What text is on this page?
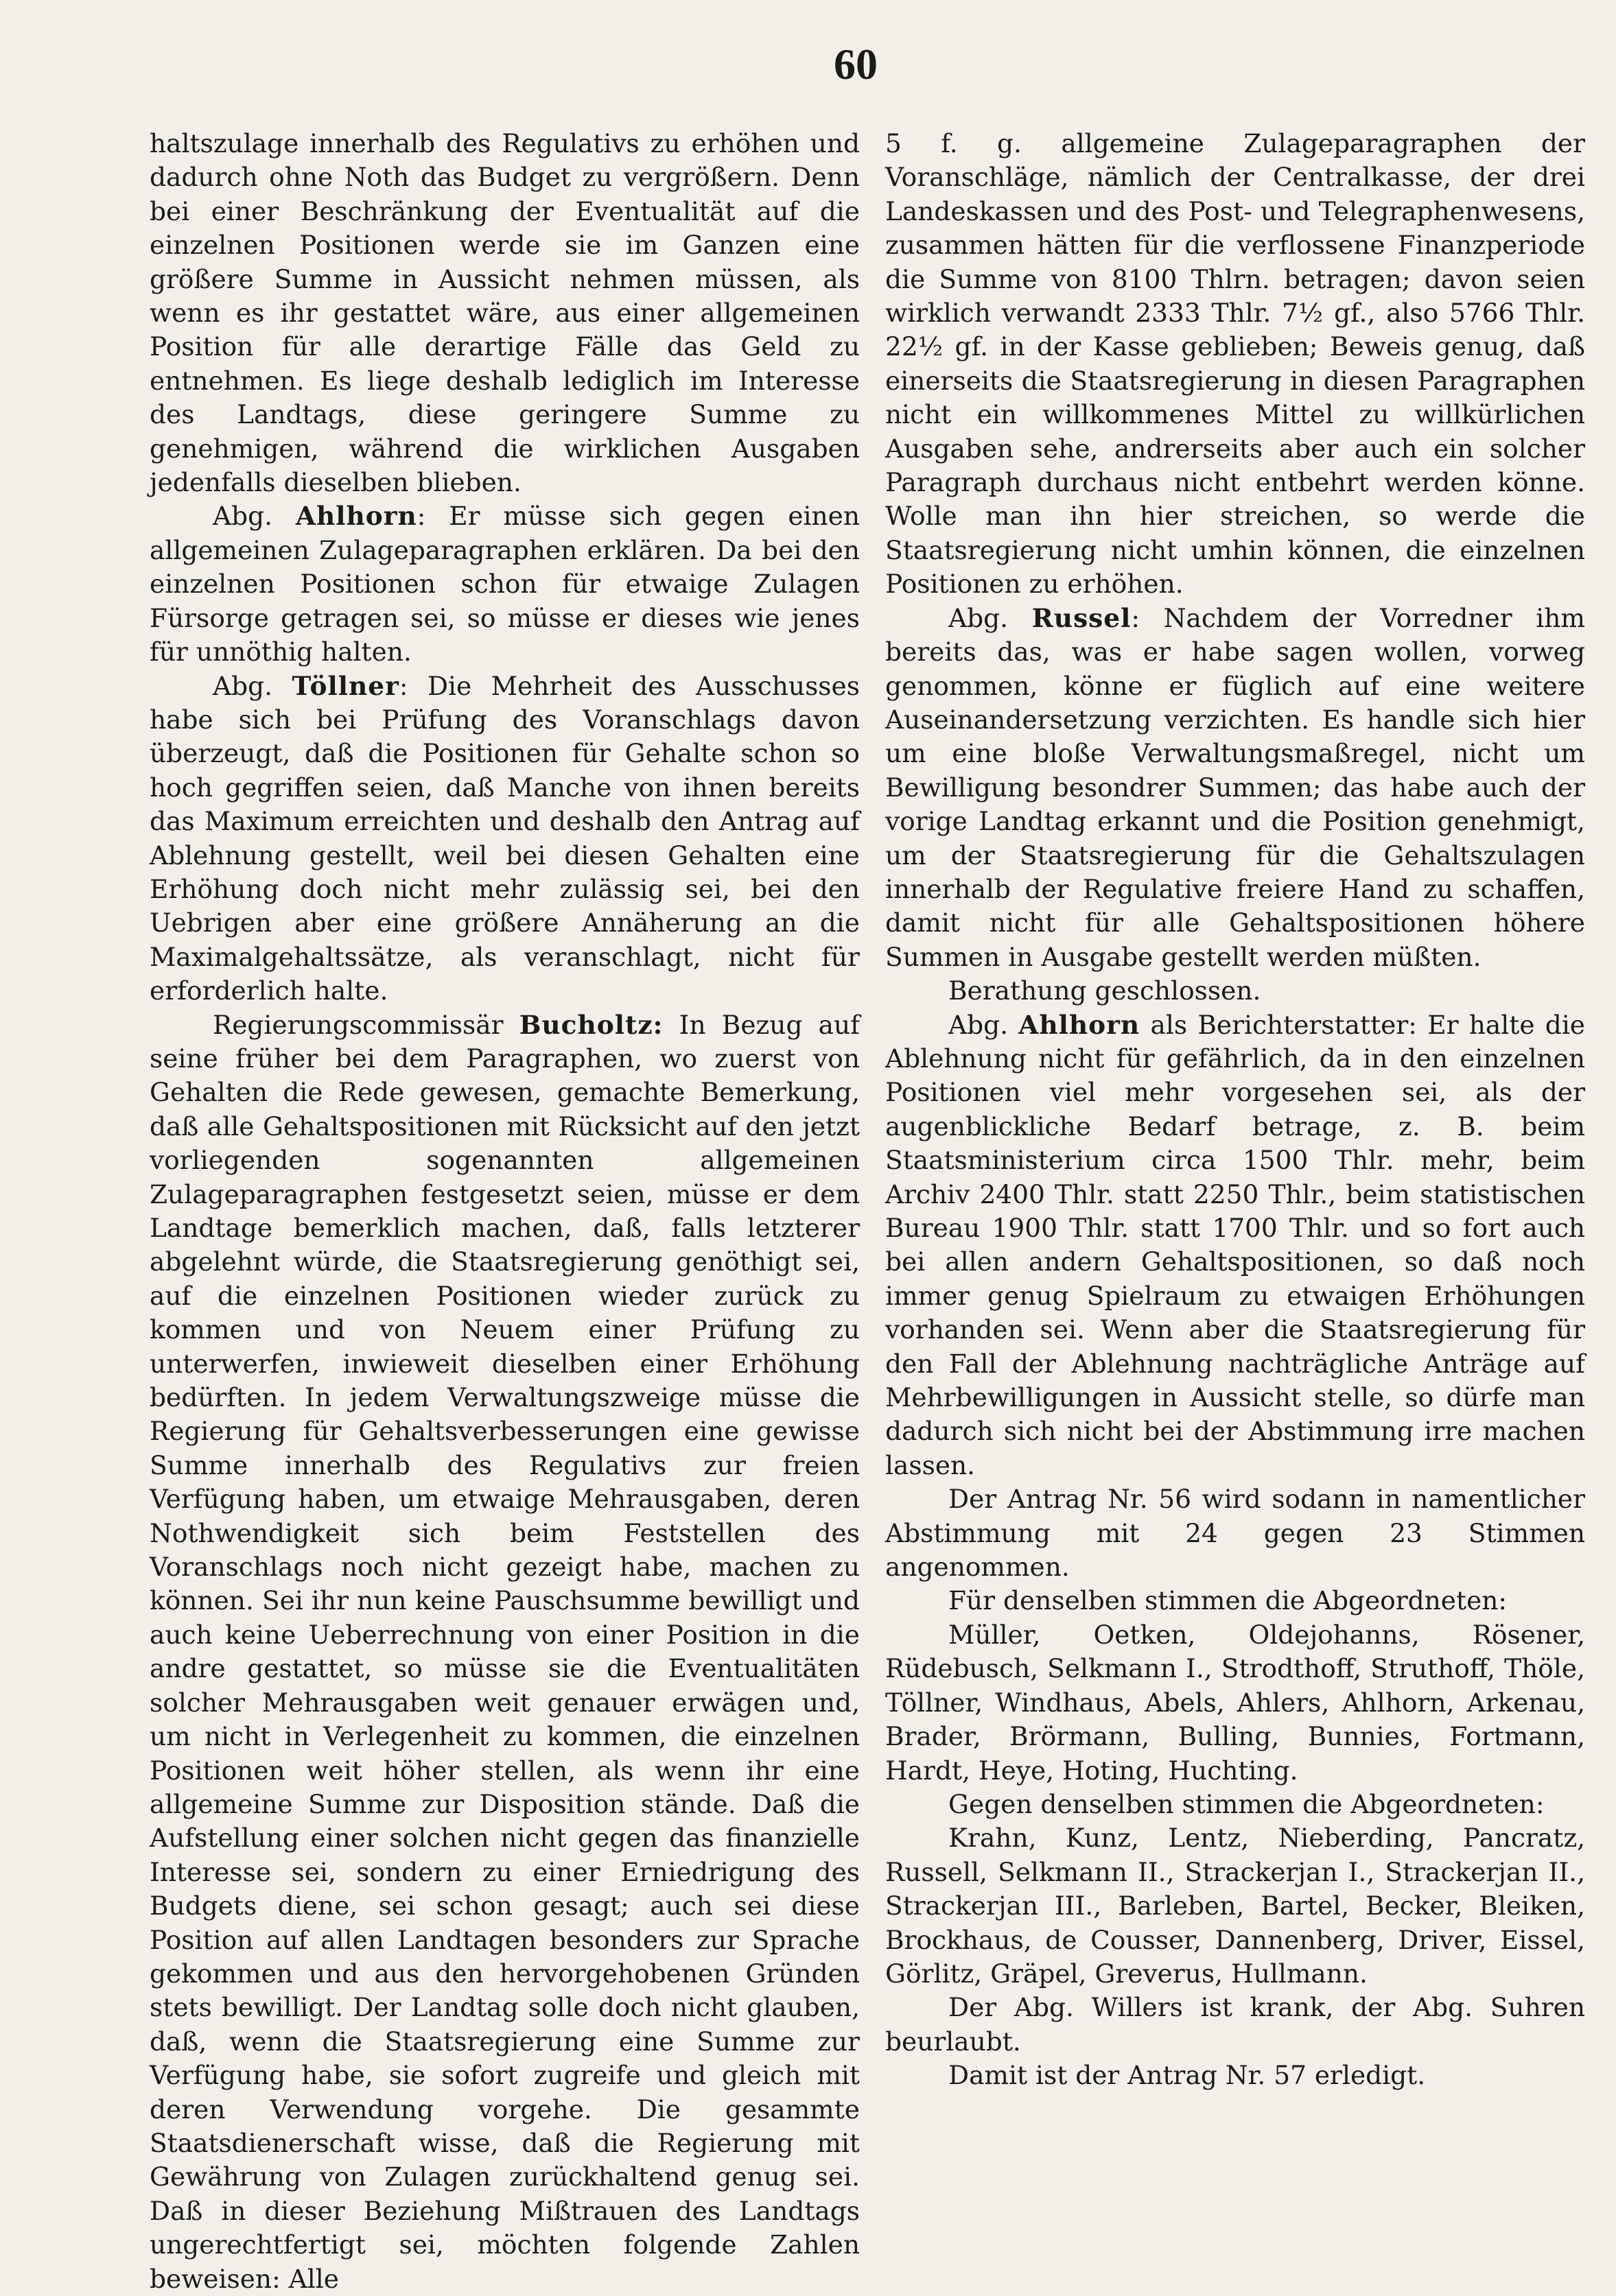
60

haltszulage innerhalb des Regulativs zu erhöhen und dadurch ohne Noth das Budget zu vergrößern. Denn bei einer Beschränkung der Eventualität auf die einzelnen Positionen werde sie im Ganzen eine größere Summe in Aussicht nehmen müssen, als wenn es ihr gestattet wäre, aus einer allgemeinen Position für alle derartige Fälle das Geld zu entnehmen. Es liege deshalb lediglich im Interesse des Landtags, diese geringere Summe zu genehmigen, während die wirklichen Ausgaben jedenfalls dieselben blieben.

Abg. Ahlhorn: Er müsse sich gegen einen allgemeinen Zulageparagraphen erklären. Da bei den einzelnen Positionen schon für etwaige Zulagen Fürsorge getragen sei, so müsse er dieses wie jenes für unnöthig halten.

Abg. Töllner: Die Mehrheit des Ausschusses habe sich bei Prüfung des Voranschlags davon überzeugt, daß die Positionen für Gehalte schon so hoch gegriffen seien, daß Manche von ihnen bereits das Maximum erreichten und deshalb den Antrag auf Ablehnung gestellt, weil bei diesen Gehalten eine Erhöhung doch nicht mehr zulässig sei, bei den Uebrigen aber eine größere Annäherung an die Maximalgehaltssätze, als veranschlagt, nicht für erforderlich halte.

Regierungscommissär Bucholtz: In Bezug auf seine früher bei dem Paragraphen, wo zuerst von Gehalten die Rede gewesen, gemachte Bemerkung, daß alle Gehaltspositionen mit Rücksicht auf den jetzt vorliegenden sogenannten allgemeinen Zulageparagraphen festgesetzt seien, müsse er dem Landtage bemerklich machen, daß, falls letzterer abgelehnt würde, die Staatsregierung genöthigt sei, auf die einzelnen Positionen wieder zurück zu kommen und von Neuem einer Prüfung zu unterwerfen, inwieweit dieselben einer Erhöhung bedürften. In jedem Verwaltungszweige müsse die Regierung für Gehaltsverbesserungen eine gewisse Summe innerhalb des Regulativs zur freien Verfügung haben, um etwaige Mehrausgaben, deren Nothwendigkeit sich beim Feststellen des Voranschlags noch nicht gezeigt habe, machen zu können. Sei ihr nun keine Pauschsumme bewilligt und auch keine Ueberrechnung von einer Position in die andre gestattet, so müsse sie die Eventualitäten solcher Mehrausgaben weit genauer erwägen und, um nicht in Verlegenheit zu kommen, die einzelnen Positionen weit höher stellen, als wenn ihr eine allgemeine Summe zur Disposition stände. Daß die Aufstellung einer solchen nicht gegen das finanzielle Interesse sei, sondern zu einer Erniedrigung des Budgets diene, sei schon gesagt; auch sei diese Position auf allen Landtagen besonders zur Sprache gekommen und aus den hervorgehobenen Gründen stets bewilligt. Der Landtag solle doch nicht glauben, daß, wenn die Staatsregierung eine Summe zur Verfügung habe, sie sofort zugreife und gleich mit deren Verwendung vorgehe. Die gesammte Staatsdienerschaft wisse, daß die Regierung mit Gewährung von Zulagen zurückhaltend genug sei. Daß in dieser Beziehung Mißtrauen des Landtags ungerechtfertigt sei, möchten folgende Zahlen beweisen: Alle

5 f. g. allgemeine Zulageparagraphen der Voranschläge, nämlich der Centralkasse, der drei Landeskassen und des Post- und Telegraphenwesens, zusammen hätten für die verflossene Finanzperiode die Summe von 8100 Thlrn. betragen; davon seien wirklich verwandt 2333 Thlr. 7½ gf., also 5766 Thlr. 22½ gf. in der Kasse geblieben; Beweis genug, daß einerseits die Staatsregierung in diesen Paragraphen nicht ein willkommenes Mittel zu willkürlichen Ausgaben sehe, andrerseits aber auch ein solcher Paragraph durchaus nicht entbehrt werden könne. Wolle man ihn hier streichen, so werde die Staatsregierung nicht umhin können, die einzelnen Positionen zu erhöhen.

Abg. Russel: Nachdem der Vorredner ihm bereits das, was er habe sagen wollen, vorweg genommen, könne er füglich auf eine weitere Auseinandersetzung verzichten. Es handle sich hier um eine bloße Verwaltungsmaßregel, nicht um Bewilligung besondrer Summen; das habe auch der vorige Landtag erkannt und die Position genehmigt, um der Staatsregierung für die Gehaltszulagen innerhalb der Regulative freiere Hand zu schaffen, damit nicht für alle Gehaltspositionen höhere Summen in Ausgabe gestellt werden müßten.

Berathung geschlossen.

Abg. Ahlhorn als Berichterstatter: Er halte die Ablehnung nicht für gefährlich, da in den einzelnen Positionen viel mehr vorgesehen sei, als der augenblickliche Bedarf betrage, z. B. beim Staatsministerium circa 1500 Thlr. mehr, beim Archiv 2400 Thlr. statt 2250 Thlr., beim statistischen Bureau 1900 Thlr. statt 1700 Thlr. und so fort auch bei allen andern Gehaltspositionen, so daß noch immer genug Spielraum zu etwaigen Erhöhungen vorhanden sei. Wenn aber die Staatsregierung für den Fall der Ablehnung nachträgliche Anträge auf Mehrbewilligungen in Aussicht stelle, so dürfe man dadurch sich nicht bei der Abstimmung irre machen lassen.

Der Antrag Nr. 56 wird sodann in namentlicher Abstimmung mit 24 gegen 23 Stimmen angenommen.

Für denselben stimmen die Abgeordneten:

Müller, Oetken, Oldejohanns, Rösener, Rüdebusch, Selkmann I., Strodthoff, Struthoff, Thöle, Töllner, Windhaus, Abels, Ahlers, Ahlhorn, Arkenau, Brader, Brörmann, Bulling, Bunnies, Fortmann, Hardt, Heye, Hoting, Huchting.

Gegen denselben stimmen die Abgeordneten:

Krahn, Kunz, Lentz, Nieberding, Pancratz, Russell, Selkmann II., Strackerjan I., Strackerjan II., Strackerjan III., Barleben, Bartel, Becker, Bleiken, Brockhaus, de Cousser, Dannenberg, Driver, Eissel, Görlitz, Gräpel, Greverus, Hullmann.

Der Abg. Willers ist krank, der Abg. Suhren beurlaubt.

Damit ist der Antrag Nr. 57 erledigt.
